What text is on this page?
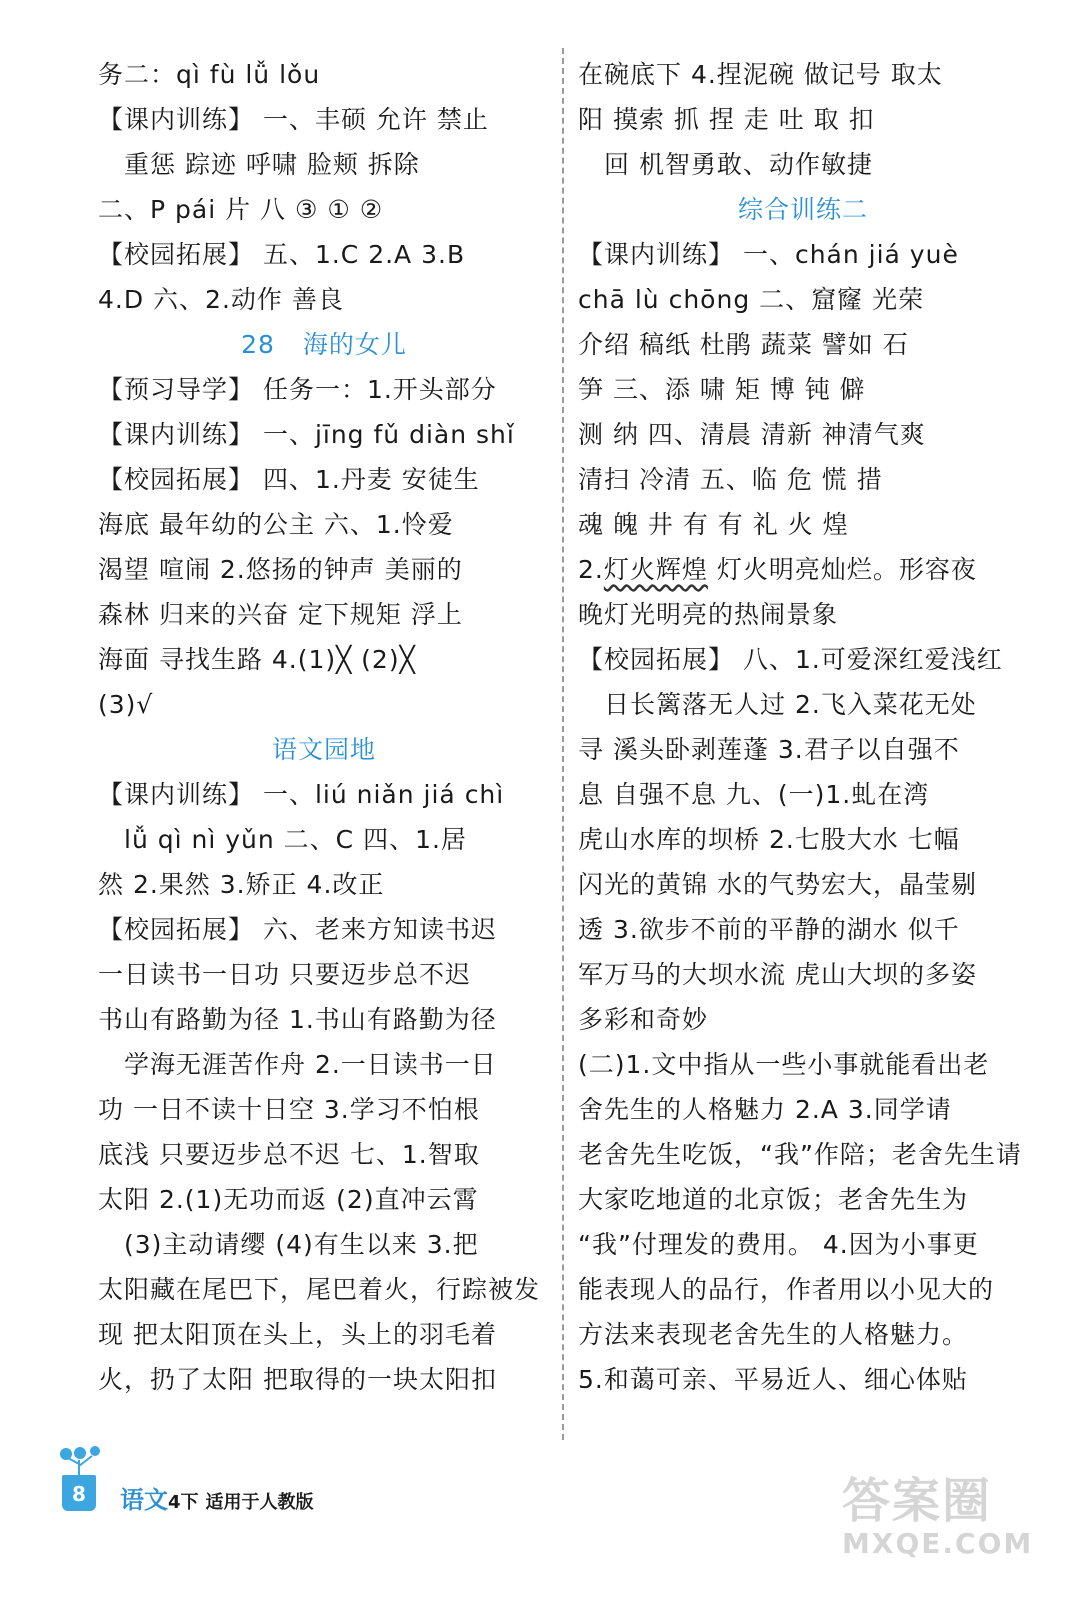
务二：qì fù lǚ lǒu
【课内训练】 一、丰硕 允许 禁止
重惩 踪迹 呼啸 脸颊 拆除
二、P pái 片 八 ③ ① ②
【校园拓展】 五、1.C 2.A 3.B
4.D 六、2.动作 善良
28 海的女儿
【预习导学】 任务一：1.开头部分
【课内训练】 一、jīng fǔ diàn shǐ
【校园拓展】 四、1.丹麦 安徒生
海底 最年幼的公主 六、1.怜爱
渴望 喧闹 2.悠扬的钟声 美丽的
森林 归来的兴奋 定下规矩 浮上
海面 寻找生路 4.(1)╳ (2)╳
(3)√
语文园地
【课内训练】 一、liú niǎn jiá chì
lǚ qì nì yǔn 二、C 四、1.居
然 2.果然 3.矫正 4.改正
【校园拓展】 六、老来方知读书迟
一日读书一日功 只要迈步总不迟
书山有路勤为径 1.书山有路勤为径
学海无涯苦作舟 2.一日读书一日
功 一日不读十日空 3.学习不怕根
底浅 只要迈步总不迟 七、1.智取
太阳 2.(1)无功而返 (2)直冲云霄
(3)主动请缨 (4)有生以来 3.把
太阳藏在尾巴下，尾巴着火，行踪被发
现 把太阳顶在头上，头上的羽毛着
火，扔了太阳 把取得的一块太阳扣
在碗底下 4.捏泥碗 做记号 取太
阳 摸索 抓 捏 走 吐 取 扣
回 机智勇敢、动作敏捷
综合训练二
【课内训练】 一、chán jiá yuè
chā lù chōng 二、窟窿 光荣
介绍 稿纸 杜鹃 蔬菜 譬如 石
笋 三、添 啸 矩 博 钝 僻
测 纳 四、清晨 清新 神清气爽
清扫 冷清 五、临 危 慌 措
魂 魄 井 有 有 礼 火 煌
2.灯火辉煌 灯火明亮灿烂。形容夜
晚灯光明亮的热闹景象
【校园拓展】 八、1.可爱深红爱浅红
日长篱落无人过 2.飞入菜花无处
寻 溪头卧剥莲蓬 3.君子以自强不
息 自强不息 九、(一)1.虬在湾
虎山水库的坝桥 2.七股大水 七幅
闪光的黄锦 水的气势宏大，晶莹剔
透 3.欲步不前的平静的湖水 似千
军万马的大坝水流 虎山大坝的多姿
多彩和奇妙
(二)1.文中指从一些小事就能看出老
舍先生的人格魅力 2.A 3.同学请
老舍先生吃饭，“我”作陪；老舍先生请
大家吃地道的北京饭；老舍先生为
“我”付理发的费用。 4.因为小事更
能表现人的品行，作者用以小见大的
方法来表现老舍先生的人格魅力。
5.和蔼可亲、平易近人、细心体贴
8	语文4下 适用于人教版	答案圈
MXQE.COM
